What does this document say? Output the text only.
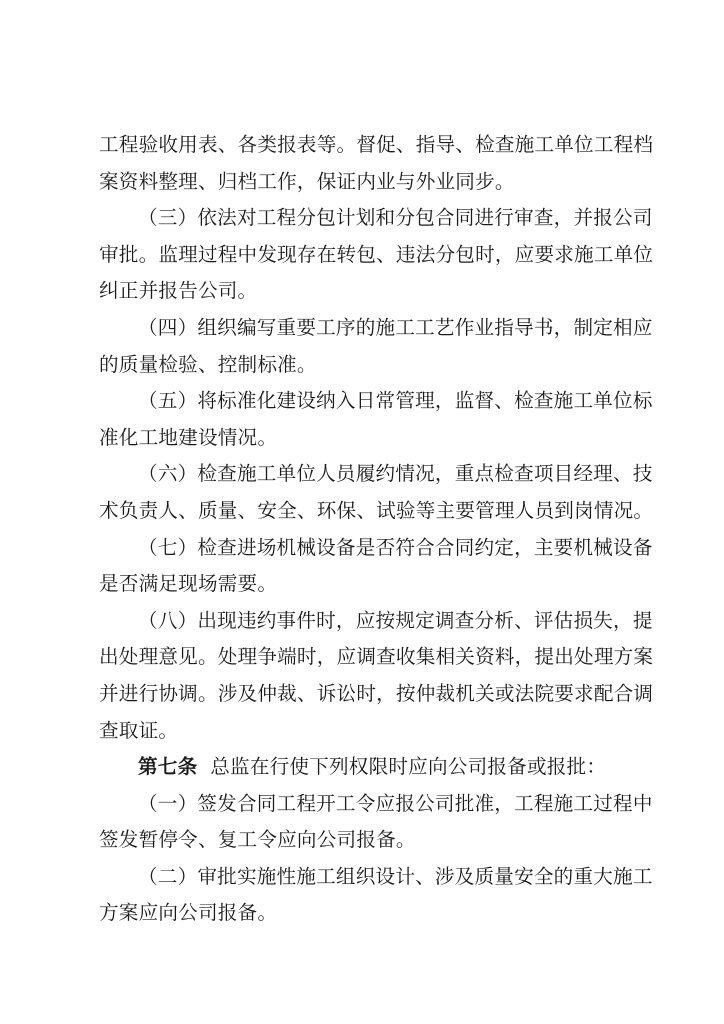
工程验收用表、各类报表等。督促、指导、检查施工单位工程档
案资料整理、归档工作，保证内业与外业同步。
（三）依法对工程分包计划和分包合同进行审查，并报公司
审批。监理过程中发现存在转包、违法分包时，应要求施工单位
纠正并报告公司。
（四）组织编写重要工序的施工工艺作业指导书，制定相应
的质量检验、控制标准。
（五）将标准化建设纳入日常管理，监督、检查施工单位标
准化工地建设情况。
（六）检查施工单位人员履约情况，重点检查项目经理、技
术负责人、质量、安全、环保、试验等主要管理人员到岗情况。
（七）检查进场机械设备是否符合合同约定，主要机械设备
是否满足现场需要。
（八）出现违约事件时，应按规定调查分析、评估损失，提
出处理意见。处理争端时，应调查收集相关资料，提出处理方案
并进行协调。涉及仲裁、诉讼时，按仲裁机关或法院要求配合调
查取证。
第七条 总监在行使下列权限时应向公司报备或报批：
（一）签发合同工程开工令应报公司批准，工程施工过程中
签发暂停令、复工令应向公司报备。
（二）审批实施性施工组织设计、涉及质量安全的重大施工
方案应向公司报备。
